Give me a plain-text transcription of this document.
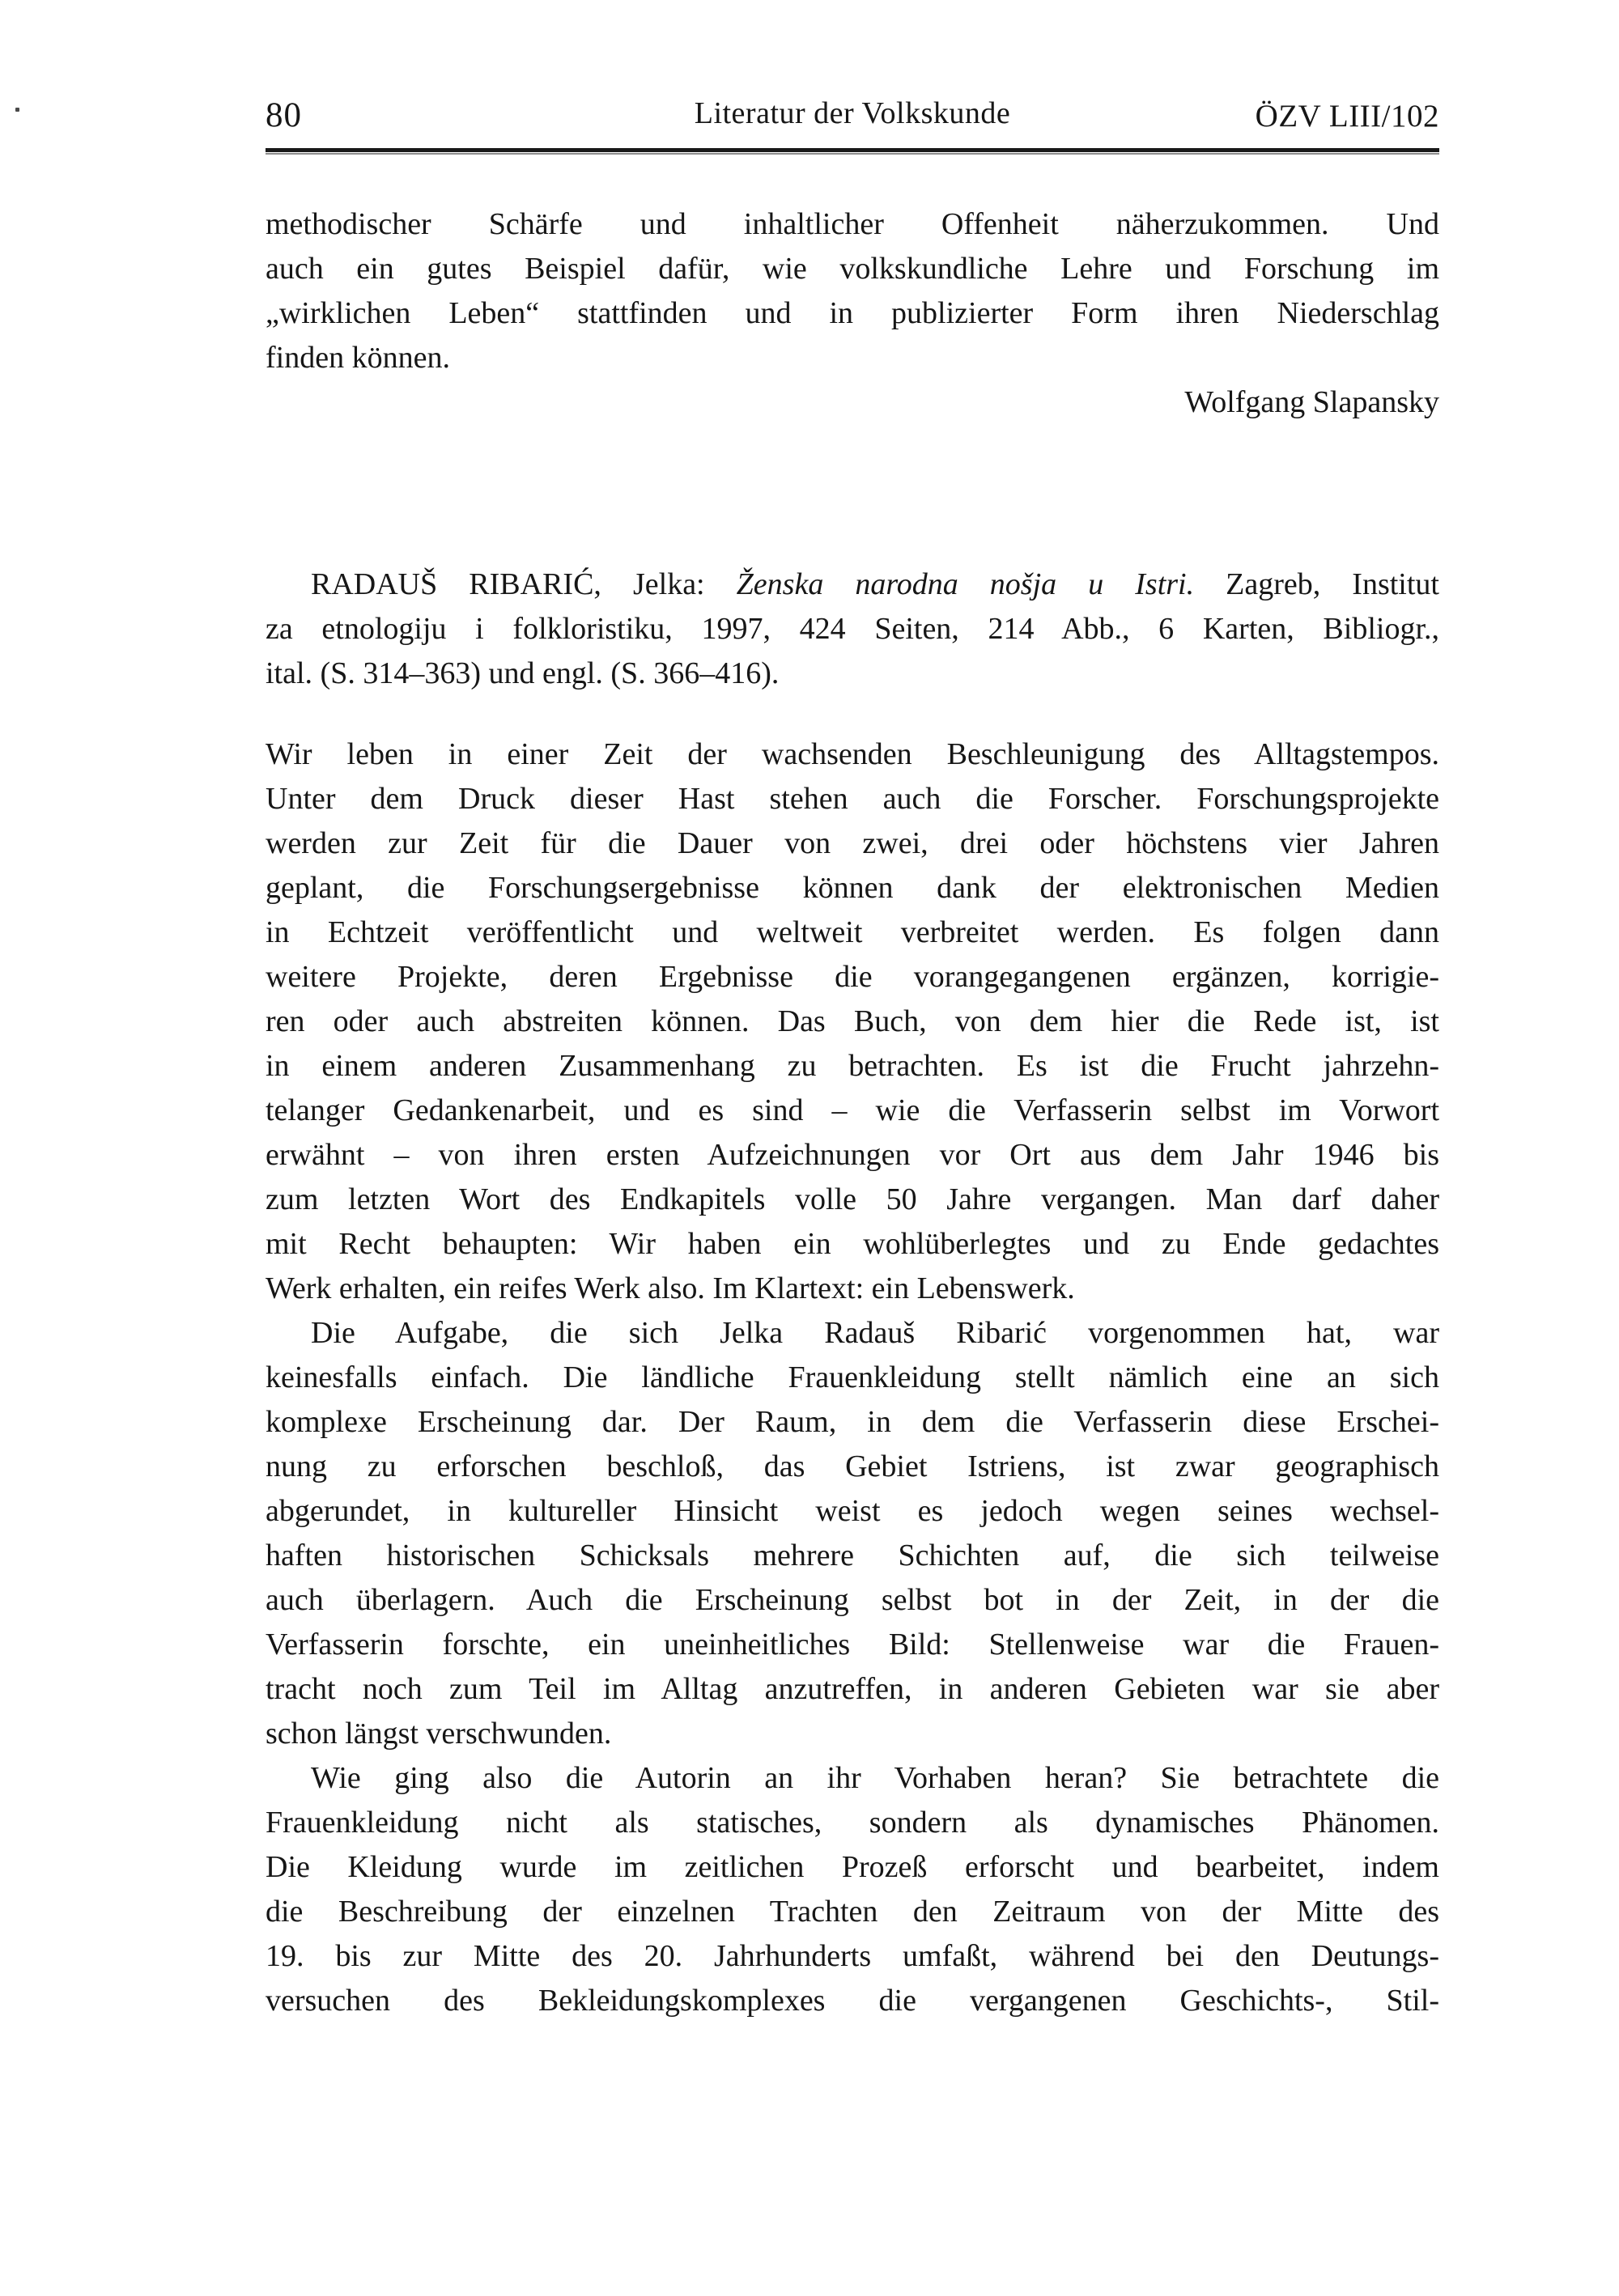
80	Literatur der Volkskunde	ÖZV LIII/102
methodischer Schärfe und inhaltlicher Offenheit näherzukommen. Und
auch ein gutes Beispiel dafür, wie volkskundliche Lehre und Forschung im
„wirklichen Leben“ stattfinden und in publizierter Form ihren Niederschlag
finden können.
Wolfgang Slapansky
RADAUŠ RIBARIĆ, Jelka: Ženska narodna nošja u Istri. Zagreb, Institut
za etnologiju i folkloristiku, 1997, 424 Seiten, 214 Abb., 6 Karten, Bibliogr.,
ital. (S. 314–363) und engl. (S. 366–416).
Wir leben in einer Zeit der wachsenden Beschleunigung des Alltagstempos.
Unter dem Druck dieser Hast stehen auch die Forscher. Forschungsprojekte
werden zur Zeit für die Dauer von zwei, drei oder höchstens vier Jahren
geplant, die Forschungsergebnisse können dank der elektronischen Medien
in Echtzeit veröffentlicht und weltweit verbreitet werden. Es folgen dann
weitere Projekte, deren Ergebnisse die vorangegangenen ergänzen, korrigie-
ren oder auch abstreiten können. Das Buch, von dem hier die Rede ist, ist
in einem anderen Zusammenhang zu betrachten. Es ist die Frucht jahrzehn-
telanger Gedankenarbeit, und es sind – wie die Verfasserin selbst im Vorwort
erwähnt – von ihren ersten Aufzeichnungen vor Ort aus dem Jahr 1946 bis
zum letzten Wort des Endkapitels volle 50 Jahre vergangen. Man darf daher
mit Recht behaupten: Wir haben ein wohlüberlegtes und zu Ende gedachtes
Werk erhalten, ein reifes Werk also. Im Klartext: ein Lebenswerk.
Die Aufgabe, die sich Jelka Radauš Ribarić vorgenommen hat, war
keinesfalls einfach. Die ländliche Frauenkleidung stellt nämlich eine an sich
komplexe Erscheinung dar. Der Raum, in dem die Verfasserin diese Erschei-
nung zu erforschen beschloß, das Gebiet Istriens, ist zwar geographisch
abgerundet, in kultureller Hinsicht weist es jedoch wegen seines wechsel-
haften historischen Schicksals mehrere Schichten auf, die sich teilweise
auch überlagern. Auch die Erscheinung selbst bot in der Zeit, in der die
Verfasserin forschte, ein uneinheitliches Bild: Stellenweise war die Frauen-
tracht noch zum Teil im Alltag anzutreffen, in anderen Gebieten war sie aber
schon längst verschwunden.
Wie ging also die Autorin an ihr Vorhaben heran? Sie betrachtete die
Frauenkleidung nicht als statisches, sondern als dynamisches Phänomen.
Die Kleidung wurde im zeitlichen Prozeß erforscht und bearbeitet, indem
die Beschreibung der einzelnen Trachten den Zeitraum von der Mitte des
19. bis zur Mitte des 20. Jahrhunderts umfaßt, während bei den Deutungs-
versuchen des Bekleidungskomplexes die vergangenen Geschichts-, Stil-
